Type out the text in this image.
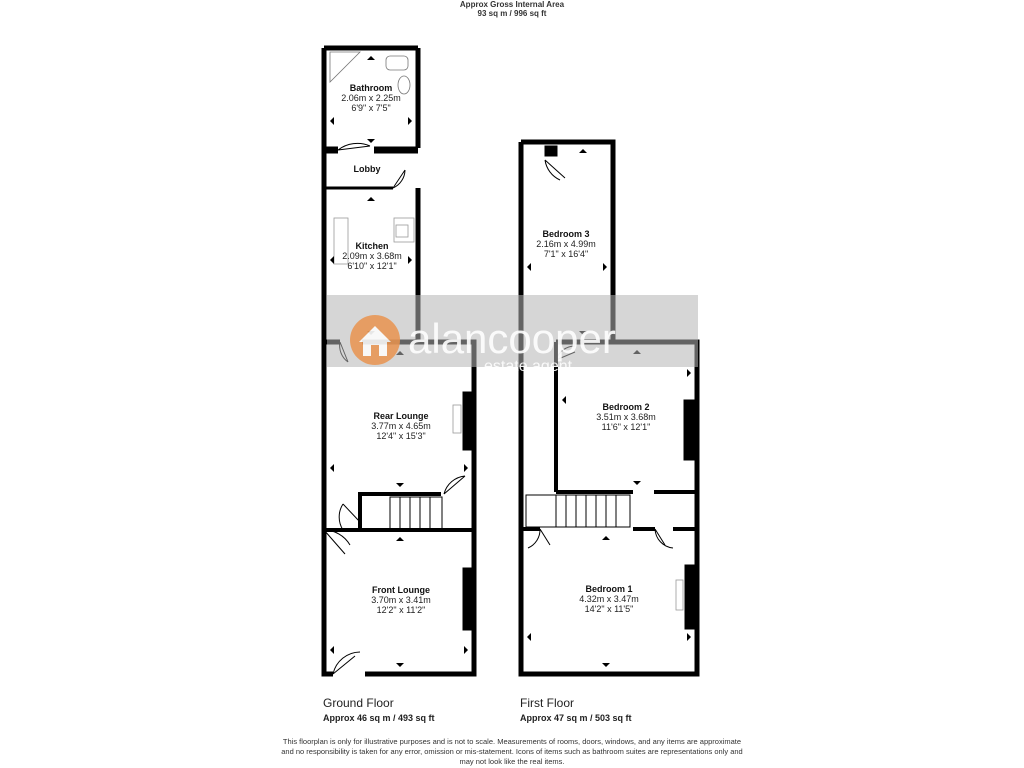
Approx Gross Internal Area
93 sq m / 996 sq ft
Bathroom
2.06m x 2.25m
6'9" x 7'5"
Lobby
Kitchen
2.09m x 3.68m
6'10" x 12'1"
Rear Lounge
3.77m x 4.65m
12'4" x 15'3"
Front Lounge
3.70m x 3.41m
12'2" x 11'2"
Bedroom 3
2.16m x 4.99m
7'1" x 16'4"
Bedroom 2
3.51m x 3.68m
11'6" x 12'1"
Bedroom 1
4.32m x 3.47m
14'2" x 11'5"
alancooper
estate agent
Ground Floor
Approx 46 sq m / 493 sq ft
First Floor
Approx 47 sq m / 503 sq ft
This floorplan is only for illustrative purposes and is not to scale. Measurements of rooms, doors, windows, and any items are approximate
and no responsibility is taken for any error, omission or mis-statement. Icons of items such as bathroom suites are representations only and
may not look like the real items.
